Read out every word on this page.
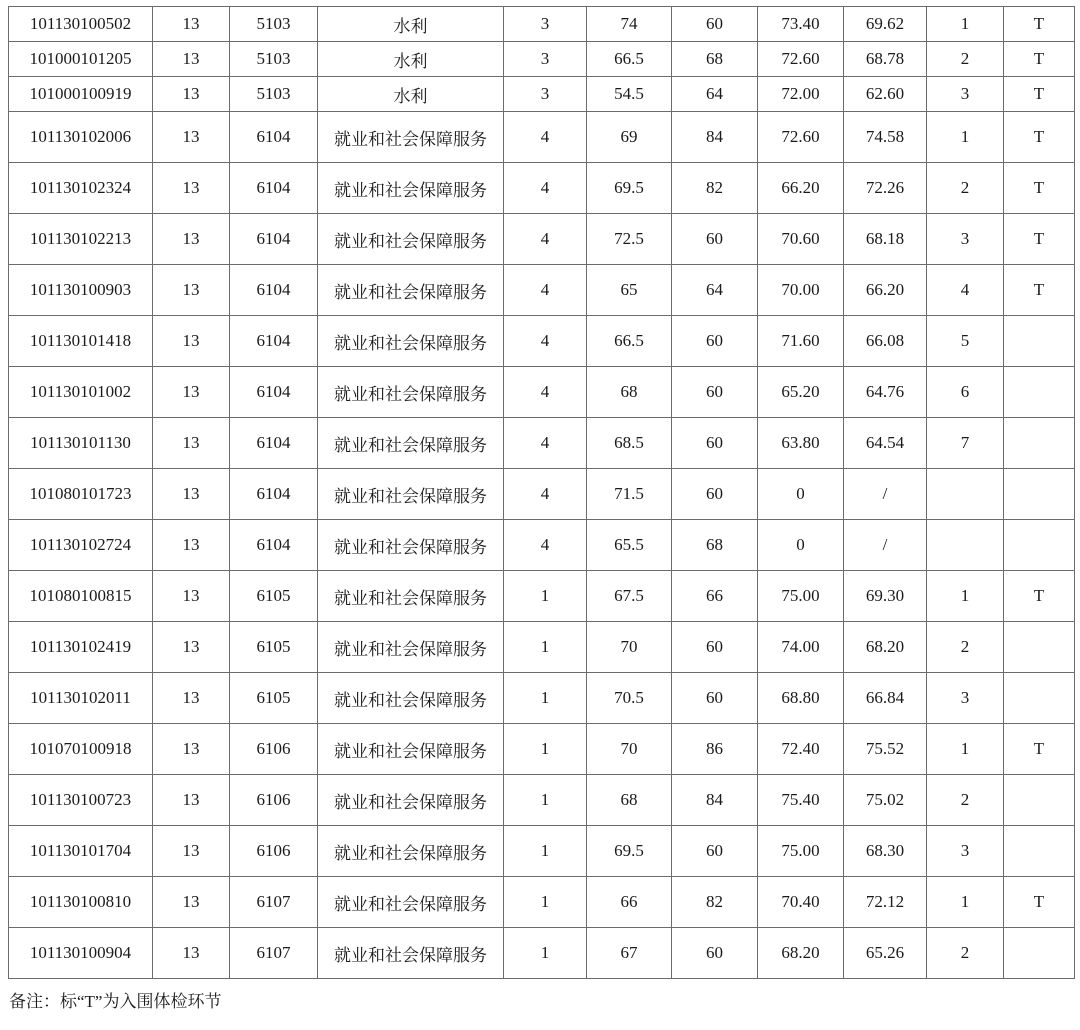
101130100502	13	5103	水利	3	74	60	73.40	69.62	1	T
101000101205	13	5103	水利	3	66.5	68	72.60	68.78	2	T
101000100919	13	5103	水利	3	54.5	64	72.00	62.60	3	T
101130102006	13	6104	就业和社会保障服务	4	69	84	72.60	74.58	1	T
101130102324	13	6104	就业和社会保障服务	4	69.5	82	66.20	72.26	2	T
101130102213	13	6104	就业和社会保障服务	4	72.5	60	70.60	68.18	3	T
101130100903	13	6104	就业和社会保障服务	4	65	64	70.00	66.20	4	T
101130101418	13	6104	就业和社会保障服务	4	66.5	60	71.60	66.08	5	
101130101002	13	6104	就业和社会保障服务	4	68	60	65.20	64.76	6	
101130101130	13	6104	就业和社会保障服务	4	68.5	60	63.80	64.54	7	
101080101723	13	6104	就业和社会保障服务	4	71.5	60	0	/		
101130102724	13	6104	就业和社会保障服务	4	65.5	68	0	/		
101080100815	13	6105	就业和社会保障服务	1	67.5	66	75.00	69.30	1	T
101130102419	13	6105	就业和社会保障服务	1	70	60	74.00	68.20	2	
101130102011	13	6105	就业和社会保障服务	1	70.5	60	68.80	66.84	3	
101070100918	13	6106	就业和社会保障服务	1	70	86	72.40	75.52	1	T
101130100723	13	6106	就业和社会保障服务	1	68	84	75.40	75.02	2	
101130101704	13	6106	就业和社会保障服务	1	69.5	60	75.00	68.30	3	
101130100810	13	6107	就业和社会保障服务	1	66	82	70.40	72.12	1	T
101130100904	13	6107	就业和社会保障服务	1	67	60	68.20	65.26	2	
备注：标“T”为入围体检环节
